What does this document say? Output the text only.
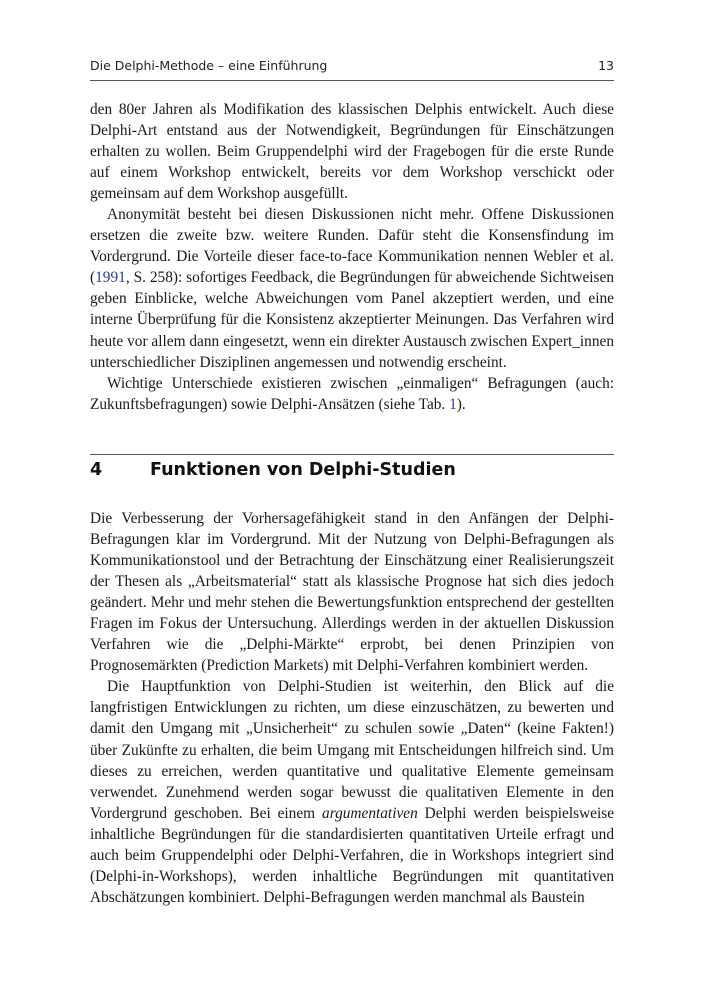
Die Delphi-Methode – eine Einführung	13

den 80er Jahren als Modifikation des klassischen Delphis entwickelt. Auch diese Delphi-Art entstand aus der Notwendigkeit, Begründungen für Einschätzungen erhalten zu wollen. Beim Gruppendelphi wird der Fragebogen für die erste Runde auf einem Workshop entwickelt, bereits vor dem Workshop verschickt oder gemeinsam auf dem Workshop ausgefüllt.

Anonymität besteht bei diesen Diskussionen nicht mehr. Offene Diskussionen ersetzen die zweite bzw. weitere Runden. Dafür steht die Konsensfindung im Vordergrund. Die Vorteile dieser face-to-face Kommunikation nennen Webler et al. (1991, S. 258): sofortiges Feedback, die Begründungen für abweichende Sichtweisen geben Einblicke, welche Abweichungen vom Panel akzeptiert werden, und eine interne Überprüfung für die Konsistenz akzeptierter Meinungen. Das Verfahren wird heute vor allem dann eingesetzt, wenn ein direkter Austausch zwischen Expert_innen unterschiedlicher Disziplinen angemessen und notwendig erscheint.

Wichtige Unterschiede existieren zwischen „einmaligen“ Befragungen (auch: Zukunftsbefragungen) sowie Delphi-Ansätzen (siehe Tab. 1).

4	Funktionen von Delphi-Studien

Die Verbesserung der Vorhersagefähigkeit stand in den Anfängen der Delphi-Befragungen klar im Vordergrund. Mit der Nutzung von Delphi-Befragungen als Kommunikationstool und der Betrachtung der Einschätzung einer Realisierungszeit der Thesen als „Arbeitsmaterial“ statt als klassische Prognose hat sich dies jedoch geändert. Mehr und mehr stehen die Bewertungsfunktion entsprechend der gestellten Fragen im Fokus der Untersuchung. Allerdings werden in der aktuellen Diskussion Verfahren wie die „Delphi-Märkte“ erprobt, bei denen Prinzipien von Prognosemärkten (Prediction Markets) mit Delphi-Verfahren kombiniert werden.

Die Hauptfunktion von Delphi-Studien ist weiterhin, den Blick auf die langfristigen Entwicklungen zu richten, um diese einzuschätzen, zu bewerten und damit den Umgang mit „Unsicherheit“ zu schulen sowie „Daten“ (keine Fakten!) über Zukünfte zu erhalten, die beim Umgang mit Entscheidungen hilfreich sind. Um dieses zu erreichen, werden quantitative und qualitative Elemente gemeinsam verwendet. Zunehmend werden sogar bewusst die qualitativen Elemente in den Vordergrund geschoben. Bei einem argumentativen Delphi werden beispielsweise inhaltliche Begründungen für die standardisierten quantitativen Urteile erfragt und auch beim Gruppendelphi oder Delphi-Verfahren, die in Workshops integriert sind (Delphi-in-Workshops), werden inhaltliche Begründungen mit quantitativen Abschätzungen kombiniert. Delphi-Befragungen werden manchmal als Baustein
